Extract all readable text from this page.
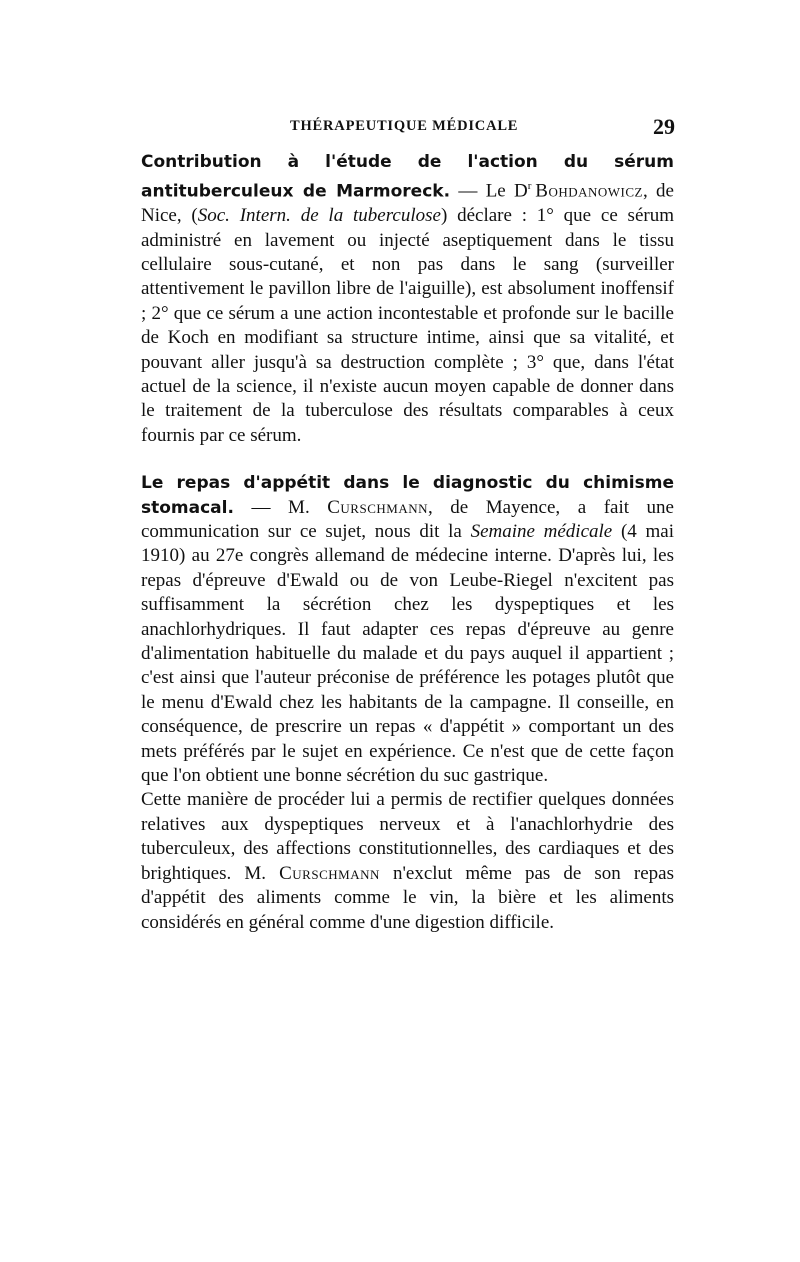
THÉRAPEUTIQUE MÉDICALE	29

Contribution à l'étude de l'action du sérum antituberculeux de Marmoreck. — Le $D^r$  Bohdanowicz, de Nice, (Soc. Intern. de la tuberculose) déclare : 1° que ce sérum administré en lavement ou injecté aseptiquement dans le tissu cellulaire sous-cutané, et non pas dans le sang (surveiller attentivement le pavillon libre de l'aiguille), est absolument inoffensif ; 2° que ce sérum a une action incontestable et profonde sur le bacille de Koch en modifiant sa structure intime, ainsi que sa vitalité, et pouvant aller jusqu'à sa destruction complète ; 3° que, dans l'état actuel de la science, il n'existe aucun moyen capable de donner dans le traitement de la tuberculose des résultats comparables à ceux fournis par ce sérum.

Le repas d'appétit dans le diagnostic du chimisme stomacal. — M. Curschmann, de Mayence, a fait une communication sur ce sujet, nous dit la Semaine médicale (4 mai 1910) au 27e congrès allemand de médecine interne. D'après lui, les repas d'épreuve d'Ewald ou de von Leube-Riegel n'excitent pas suffisamment la sécrétion chez les dyspeptiques et les anachlorhydriques. Il faut adapter ces repas d'épreuve au genre d'alimentation habituelle du malade et du pays auquel il appartient ; c'est ainsi que l'auteur préconise de préférence les potages plutôt que le menu d'Ewald chez les habitants de la campagne. Il conseille, en conséquence, de prescrire un repas « d'appétit » comportant un des mets préférés par le sujet en expérience. Ce n'est que de cette façon que l'on obtient une bonne sécrétion du suc gastrique.

Cette manière de procéder lui a permis de rectifier quelques données relatives aux dyspeptiques nerveux et à l'anachlorhydrie des tuberculeux, des affections constitutionnelles, des cardiaques et des brightiques. M. Curschmann n'exclut même pas de son repas d'appétit des aliments comme le vin, la bière et les aliments considérés en général comme d'une digestion difficile.
